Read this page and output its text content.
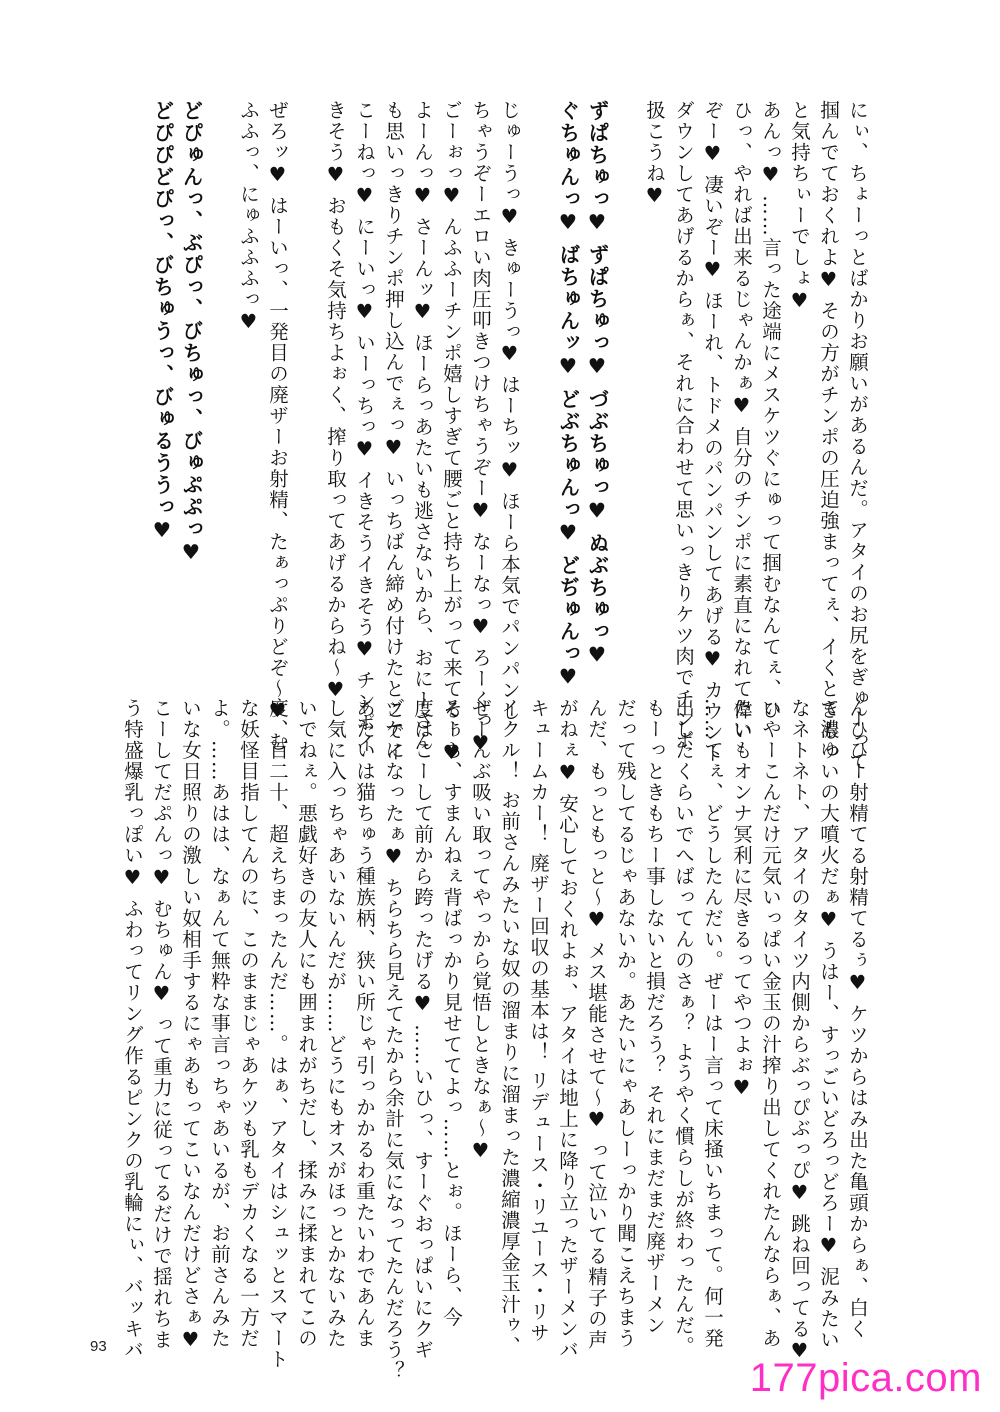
にぃ、ちょーっとばかりお願いがあるんだ。アタイのお尻をぎゅーって

掴んでておくれよ♥ その方がチンポの圧迫強まってぇ、イくときもっ

と気持ちぃーでしょ♥

あんっ♥ ……言った途端にメスケツぐにゅって掴むなんてぇ、ひ

ひっ、やれば出来るじゃんかぁ♥ 自分のチンポに素直になれて偉い

ぞー♥ 凄いぞー♥ ほーれ、トドメのパンパンしてあげる♥ カウント

ダウンしてあげるからぁ、それに合わせて思いっきりケツ肉でチンポ

扱こうね♥

ずぱちゅっ♥ ずぱちゅっ♥ づぶちゅっ♥ ぬぶちゅっ♥

ぐちゅんっ♥ ばちゅんッ♥ どぶちゅんっ♥ どぢゅんっ♥

じゅーうっ♥ きゅーうっ♥ はーちッ♥ ほーら本気でパンパンし

ちゃうぞーエロい肉圧叩きつけちゃうぞー♥ なーなっ♥ ろーくっ♥

ごーぉっ♥ んふふーチンポ嬉しすぎて腰ごと持ち上がって来てるぅ♥

よーんっ♥ さーんッ♥ ほーらっあたいも逃さないから、おにーさん

も思いっきりチンポ押し込んでぇっ♥ いっちばん締め付けたとこでイ

こーねっ♥ にーいっ♥ いーっちっ♥ イきそうイきそう♥ チンポイ

きそう♥ おもくそ気持ちよぉく、搾り取ってあげるからね～♥

ぜろッ♥ はーいっ、一発目の廃ザーお射精、たぁっぷりどぞ～♥ む

ふふっ、にゅふふふっ♥

どぴゅんっ、ぶぴっ、びちゅっ、びゅぷぷっ♥

どぴぴどぴっ、びちゅうっ、びゅるううっ♥

んひひー射精てる射精てるぅ♥ ケツからはみ出た亀頭からぁ、白く

て濃ゆいの大噴火だぁ♥ うはー、すっごいどろっどろー♥ 泥みたい

なネトネト、アタイのタイツ内側からぶっぴぶっぴ♥ 跳ね回ってる♥

いやーこんだけ元気いっぱい金玉の汁搾り出してくれたんならぁ、あ

たいもオンナ冥利に尽きるってやつよぉ♥

……てぇ、どうしたんだい。ぜーはー言って床掻いちまって。何一発

出したくらいでへばってんのさぁ？ ようやく慣らしが終わったんだ。

もーっときもちー事しないと損だろう？ それにまだまだ廃ザーメン

だって残してるじゃあないか。あたいにゃあしーっかり聞こえちまう

んだ、もっともっと～♥ メス堪能させて～♥ って泣いてる精子の声

がねぇ♥ 安心しておくれよぉ、アタイは地上に降り立ったザーメンバ

キュームカー！ 廃ザー回収の基本は！ リデュース・リユース・リサ

イクル！ お前さんみたいな奴の溜まりに溜まった濃縮濃厚金玉汁ゥ、

ぜーんぶ吸い取ってやっから覚悟しときなぁ～♥

そーら、すまんねぇ背ばっかり見せててよっ……とぉ。ほーら、今

度はこーして前から跨ったげる♥ ……いひっ、すーぐおっぱいにクギ

ヅケになったぁ♥ ちらちら見えてたから余計に気になってたんだろう？

あたいは猫ちゅう種族柄、狭い所じゃ引っかかるわ重たいわであんま

し気に入っちゃあいないんだが……どうにもオスがほっとかないみた

いでねぇ。悪戯好きの友人にも囲まれがちだし、揉みに揉まれてこの

度、百二十、超えちまったんだ……。はぁ、アタイはシュッとスマート

な妖怪目指してんのに、このままじゃあケツも乳もデカくなる一方だ

よ。……あはは、なぁんて無粋な事言っちゃあいるが、お前さんみた

いな女日照りの激しい奴相手するにゃあもってこいなんだけどさぁ♥

こーしてだぷんっ♥ むちゅん♥ って重力に従ってるだけで揺れちま

う特盛爆乳っぽい♥ ふわってリング作るピンクの乳輪にぃ、バッキバ

93
177pica.com
